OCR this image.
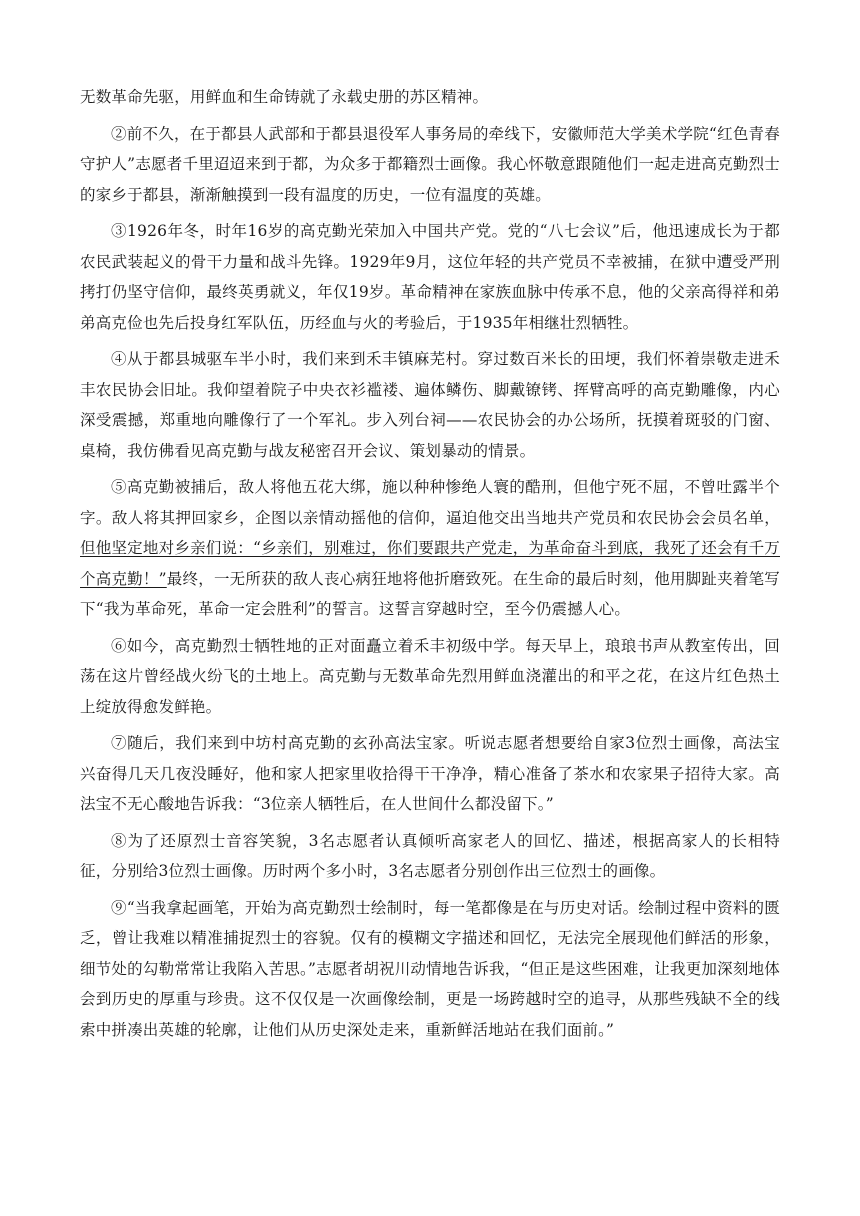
无数革命先驱，用鲜血和生命铸就了永载史册的苏区精神。

②前不久，在于都县人武部和于都县退役军人事务局的牵线下，安徽师范大学美术学院“红色青春守护人”志愿者千里迢迢来到于都，为众多于都籍烈士画像。我心怀敬意跟随他们一起走进高克勤烈士的家乡于都县，渐渐触摸到一段有温度的历史，一位有温度的英雄。

③1926年冬，时年16岁的高克勤光荣加入中国共产党。党的“八七会议”后，他迅速成长为于都农民武装起义的骨干力量和战斗先锋。1929年9月，这位年轻的共产党员不幸被捕，在狱中遭受严刑拷打仍坚守信仰，最终英勇就义，年仅19岁。革命精神在家族血脉中传承不息，他的父亲高得祥和弟弟高克俭也先后投身红军队伍，历经血与火的考验后，于1935年相继壮烈牺牲。

④从于都县城驱车半小时，我们来到禾丰镇麻芜村。穿过数百米长的田埂，我们怀着崇敬走进禾丰农民协会旧址。我仰望着院子中央衣衫褴褛、遍体鳞伤、脚戴镣铐、挥臂高呼的高克勤雕像，内心深受震撼，郑重地向雕像行了一个军礼。步入列台祠——农民协会的办公场所，抚摸着斑驳的门窗、桌椅，我仿佛看见高克勤与战友秘密召开会议、策划暴动的情景。

⑤高克勤被捕后，敌人将他五花大绑，施以种种惨绝人寰的酷刑，但他宁死不屈，不曾吐露半个字。敌人将其押回家乡，企图以亲情动摇他的信仰，逼迫他交出当地共产党员和农民协会会员名单，但他坚定地对乡亲们说：“乡亲们，别难过，你们要跟共产党走，为革命奋斗到底，我死了还会有千万个高克勤！”最终，一无所获的敌人丧心病狂地将他折磨致死。在生命的最后时刻，他用脚趾夹着笔写下“我为革命死，革命一定会胜利”的誓言。这誓言穿越时空，至今仍震撼人心。

⑥如今，高克勤烈士牺牲地的正对面矗立着禾丰初级中学。每天早上，琅琅书声从教室传出，回荡在这片曾经战火纷飞的土地上。高克勤与无数革命先烈用鲜血浇灌出的和平之花，在这片红色热土上绽放得愈发鲜艳。

⑦随后，我们来到中坊村高克勤的玄孙高法宝家。听说志愿者想要给自家3位烈士画像，高法宝兴奋得几天几夜没睡好，他和家人把家里收拾得干干净净，精心准备了茶水和农家果子招待大家。高法宝不无心酸地告诉我：“3位亲人牺牲后，在人世间什么都没留下。”

⑧为了还原烈士音容笑貌，3名志愿者认真倾听高家老人的回忆、描述，根据高家人的长相特征，分别给3位烈士画像。历时两个多小时，3名志愿者分别创作出三位烈士的画像。

⑨“当我拿起画笔，开始为高克勤烈士绘制时，每一笔都像是在与历史对话。绘制过程中资料的匮乏，曾让我难以精准捕捉烈士的容貌。仅有的模糊文字描述和回忆，无法完全展现他们鲜活的形象，细节处的勾勒常常让我陷入苦思。”志愿者胡祝川动情地告诉我，“但正是这些困难，让我更加深刻地体会到历史的厚重与珍贵。这不仅仅是一次画像绘制，更是一场跨越时空的追寻，从那些残缺不全的线索中拼凑出英雄的轮廓，让他们从历史深处走来，重新鲜活地站在我们面前。”
